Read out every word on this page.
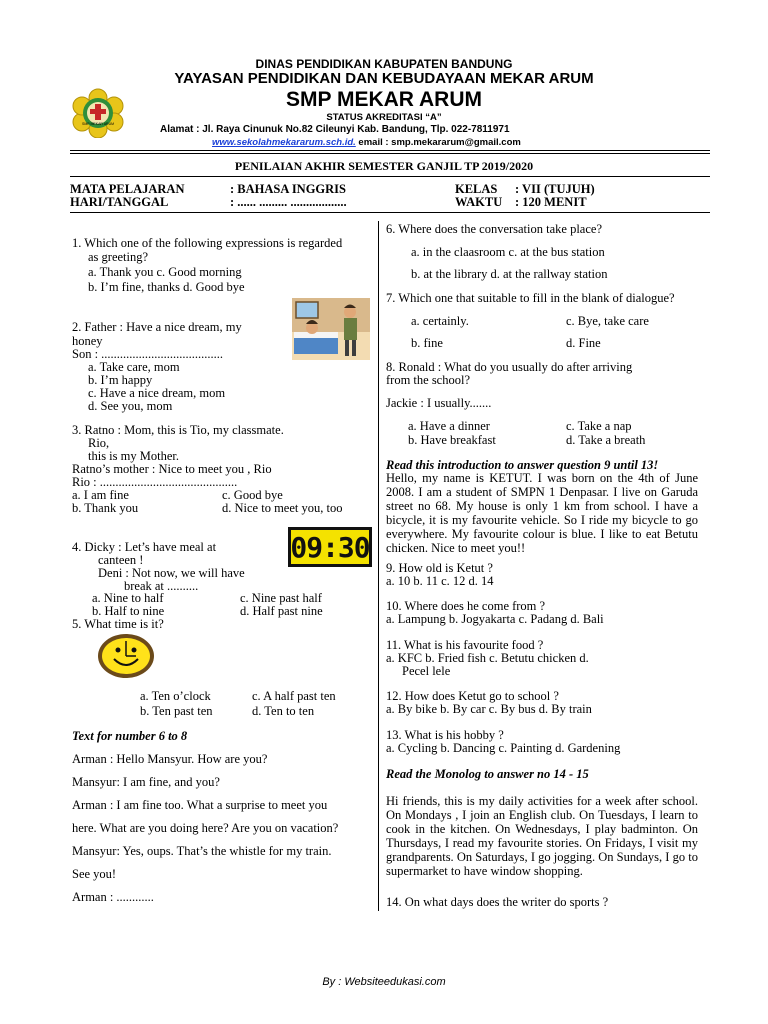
SMP MEKAR ARUM
DINAS PENDIDIKAN KABUPATEN BANDUNG
YAYASAN PENDIDIKAN DAN KEBUDAYAAN MEKAR ARUM
SMP MEKAR ARUM
STATUS AKREDITASI “A”
Alamat : Jl. Raya Cinunuk No.82 Cileunyi Kab. Bandung, Tlp. 022-7811971
www.sekolahmekararum.sch.id. email : smp.mekararum@gmail.com
PENILAIAN AKHIR SEMESTER GANJIL TP 2019/2020
MATA PELAJARAN	: BAHASA INGGRIS
HARI/TANGGAL	: ...... ......... ..................
KELAS : VII (TUJUH)
WAKTU : 120 MENIT
1. Which one of the following expressions is regarded
as greeting?
a. Thank you c. Good morning
b. I’m fine, thanks d. Good bye
2. Father : Have a nice dream, my
honey
Son : .......................................
a. Take care, mom
b. I’m happy
c. Have a nice dream, mom
d. See you, mom
3. Ratno : Mom, this is Tio, my classmate.
Rio,
this is my Mother.
Ratno’s mother : Nice to meet you , Rio
Rio : ............................................
a. I am fine	c. Good bye
b. Thank you	d. Nice to meet you, too
4. Dicky : Let’s have meal at
canteen !
Deni : Not now, we will have
break at ..........
a. Nine to half	c. Nine past half
b. Half to nine	d. Half past nine
09:30
5. What time is it?
a. Ten o’clock	c. A half past ten
b. Ten past ten	d. Ten to ten
Text for number 6 to 8
Arman : Hello Mansyur. How are you?
Mansyur: I am fine, and you?
Arman : I am fine too. What a surprise to meet you
here. What are you doing here? Are you on vacation?
Mansyur: Yes, oups. That’s the whistle for my train.
See you!
Arman : ............
6. Where does the conversation take place?
a. in the claasroom c. at the bus station
b. at the library d. at the rallway station
7. Which one that suitable to fill in the blank of dialogue?
a. certainly.	c. Bye, take care
b. fine	d. Fine
8. Ronald : What do you usually do after arriving
from the school?
Jackie : I usually.......
a. Have a dinner	c. Take a nap
b. Have breakfast	d. Take a breath
Read this introduction to answer question 9 until 13!
Hello, my name is KETUT. I was born on the 4th of June 2008. I am a student of SMPN 1 Denpasar. I live on Garuda street no 68. My house is only 1 km from school. I have a bicycle, it is my favourite vehicle. So I ride my bicycle to go everywhere. My favourite colour is blue. I like to eat Betutu chicken. Nice to meet you!!
9. How old is Ketut ?
a. 10 b. 11 c. 12 d. 14
10. Where does he come from ?
a. Lampung b. Jogyakarta c. Padang d. Bali
11. What is his favourite food ?
a. KFC b. Fried fish c. Betutu chicken d.
Pecel lele
12. How does Ketut go to school ?
a. By bike b. By car c. By bus d. By train
13. What is his hobby ?
a. Cycling b. Dancing c. Painting d. Gardening
Read the Monolog to answer no 14 - 15
Hi friends, this is my daily activities for a week after school. On Mondays , I join an English club. On Tuesdays, I learn to cook in the kitchen. On Wednesdays, I play badminton. On Thursdays, I read my favourite stories. On Fridays, I visit my grandparents. On Saturdays, I go jogging. On Sundays, I go to supermarket to have window shopping.
14. On what days does the writer do sports ?
By : Websiteedukasi.com
